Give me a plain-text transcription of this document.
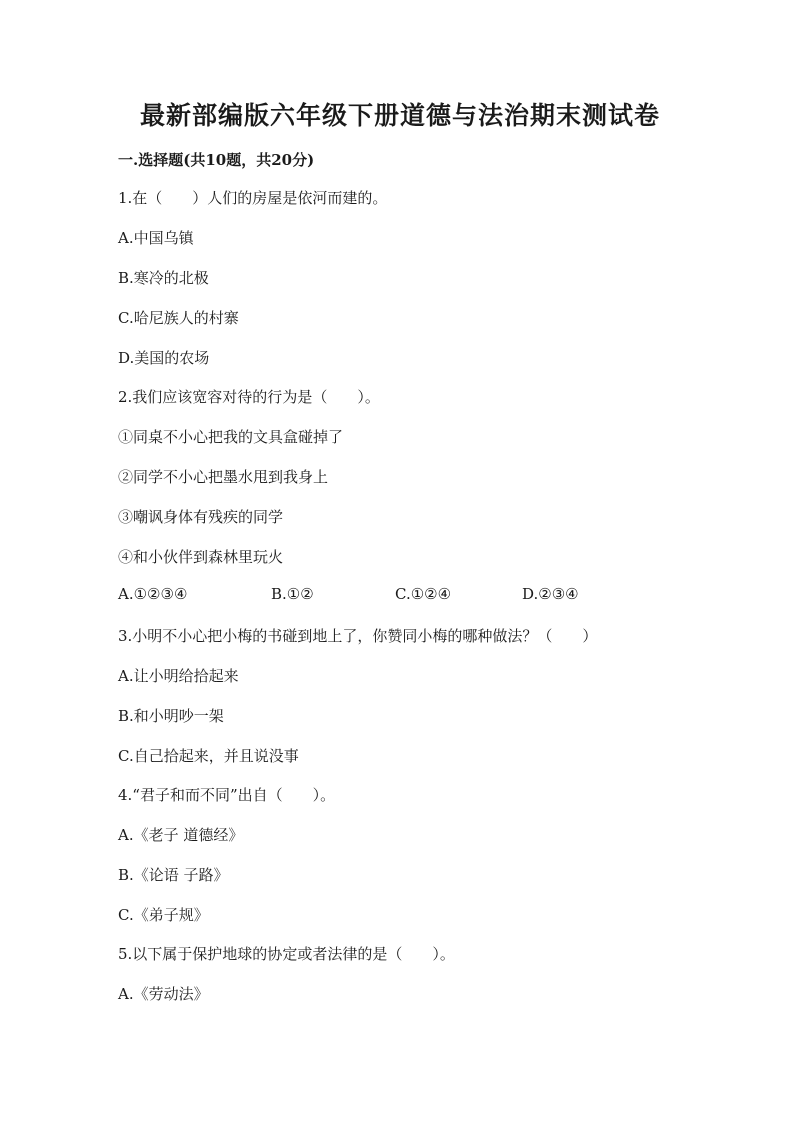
最新部编版六年级下册道德与法治期末测试卷
一.选择题(共10题，共20分)
1.在（　　）人们的房屋是依河而建的。
A.中国乌镇
B.寒冷的北极
C.哈尼族人的村寨
D.美国的农场
2.我们应该宽容对待的行为是（　　）。
①同桌不小心把我的文具盒碰掉了
②同学不小心把墨水甩到我身上
③嘲讽身体有残疾的同学
④和小伙伴到森林里玩火
A.①②③④	B.①②	C.①②④	D.②③④
3.小明不小心把小梅的书碰到地上了，你赞同小梅的哪种做法？（　　）
A.让小明给拾起来
B.和小明吵一架
C.自己拾起来，并且说没事
4.“君子和而不同”出自（　　）。
A.《老子 道德经》
B.《论语 子路》
C.《弟子规》
5.以下属于保护地球的协定或者法律的是（　　）。
A.《劳动法》
